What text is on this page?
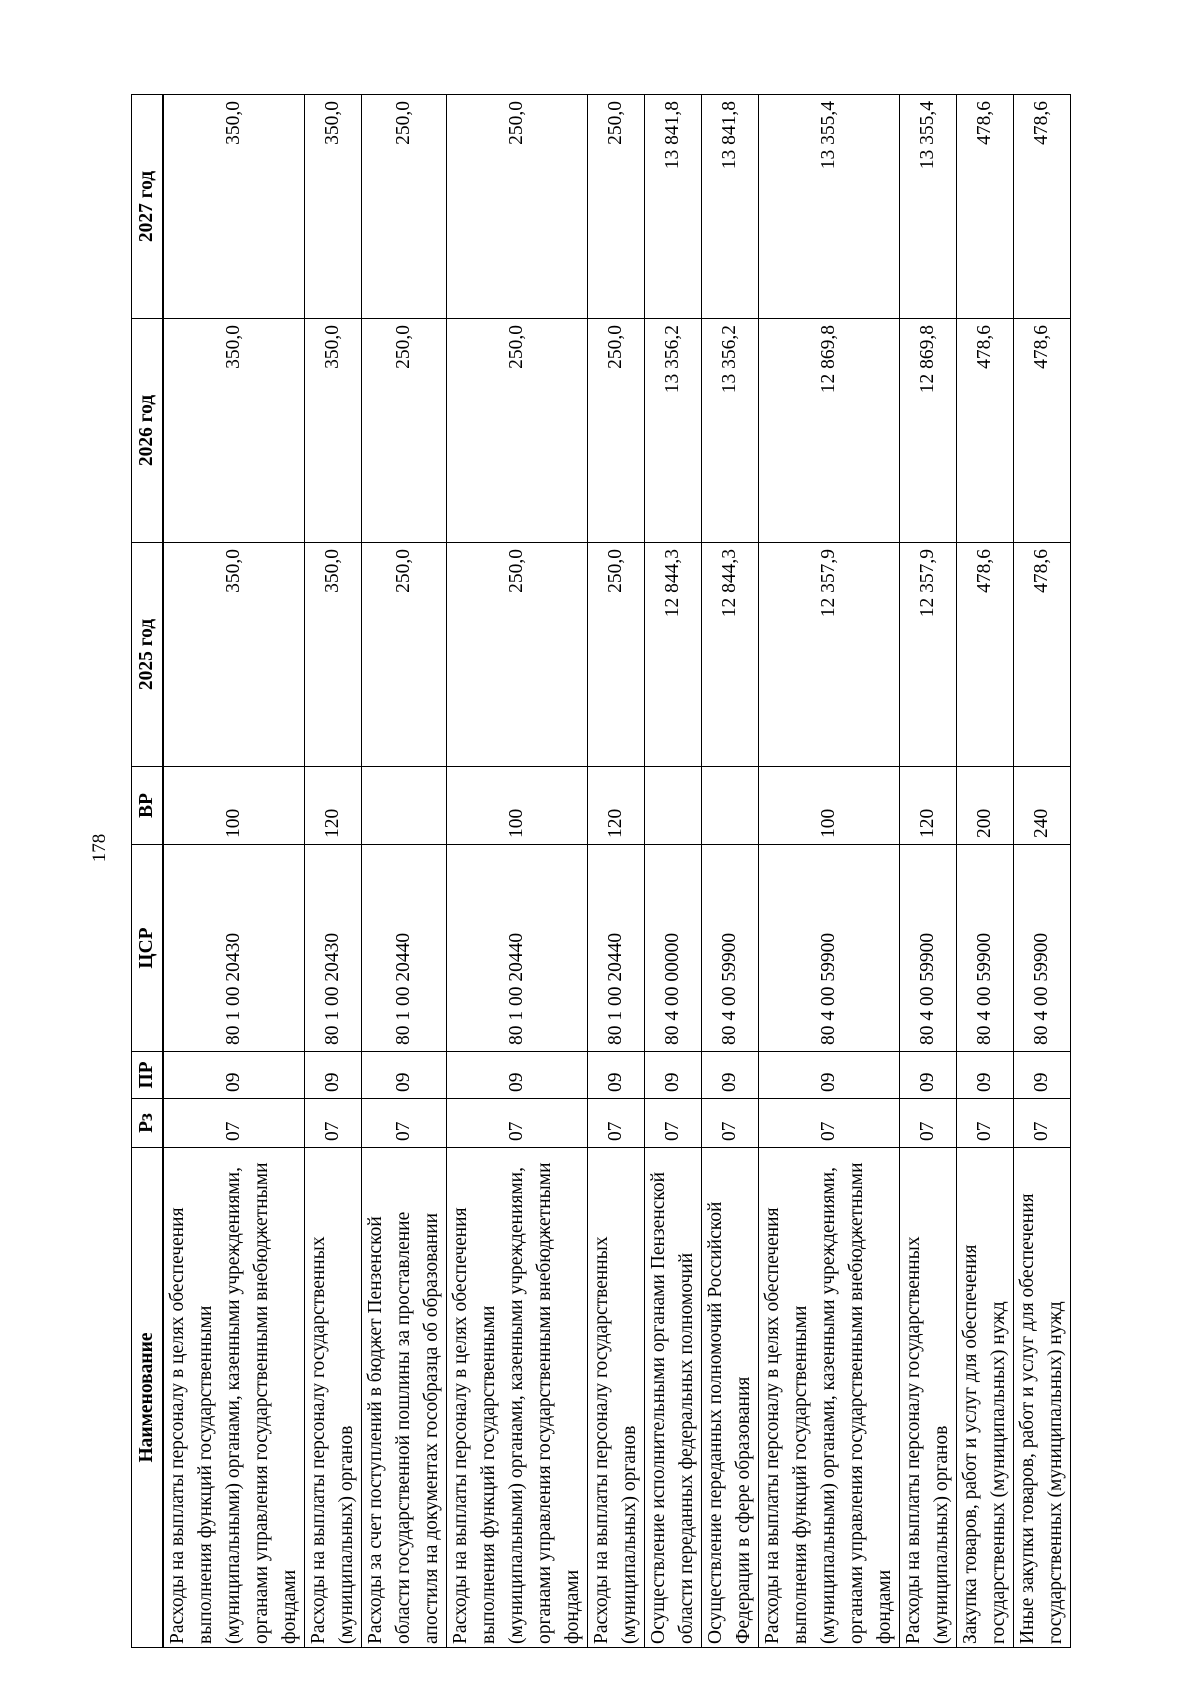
178
Наименование	Рз	ПР	ЦСР	ВР	2025 год	2026 год	2027 год
Расходы на выплаты персоналу в целях обеспечения выполнения функций государственными (муниципальными) органами, казенными учреждениями, органами управления государственными внебюджетными фондами	07	09	80 1 00 20430	100	350,0	350,0	350,0
Расходы на выплаты персоналу государственных (муниципальных) органов	07	09	80 1 00 20430	120	350,0	350,0	350,0
Расходы за счет поступлений в бюджет Пензенской области государственной пошлины за проставление апостиля на документах гособразца об образовании	07	09	80 1 00 20440		250,0	250,0	250,0
Расходы на выплаты персоналу в целях обеспечения выполнения функций государственными (муниципальными) органами, казенными учреждениями, органами управления государственными внебюджетными фондами	07	09	80 1 00 20440	100	250,0	250,0	250,0
Расходы на выплаты персоналу государственных (муниципальных) органов	07	09	80 1 00 20440	120	250,0	250,0	250,0
Осуществление исполнительными органами Пензенской области переданных федеральных полномочий	07	09	80 4 00 00000		12 844,3	13 356,2	13 841,8
Осуществление переданных полномочий Российской Федерации в сфере образования	07	09	80 4 00 59900		12 844,3	13 356,2	13 841,8
Расходы на выплаты персоналу в целях обеспечения выполнения функций государственными (муниципальными) органами, казенными учреждениями, органами управления государственными внебюджетными фондами	07	09	80 4 00 59900	100	12 357,9	12 869,8	13 355,4
Расходы на выплаты персоналу государственных (муниципальных) органов	07	09	80 4 00 59900	120	12 357,9	12 869,8	13 355,4
Закупка товаров, работ и услуг для обеспечения государственных (муниципальных) нужд	07	09	80 4 00 59900	200	478,6	478,6	478,6
Иные закупки товаров, работ и услуг для обеспечения государственных (муниципальных) нужд	07	09	80 4 00 59900	240	478,6	478,6	478,6
